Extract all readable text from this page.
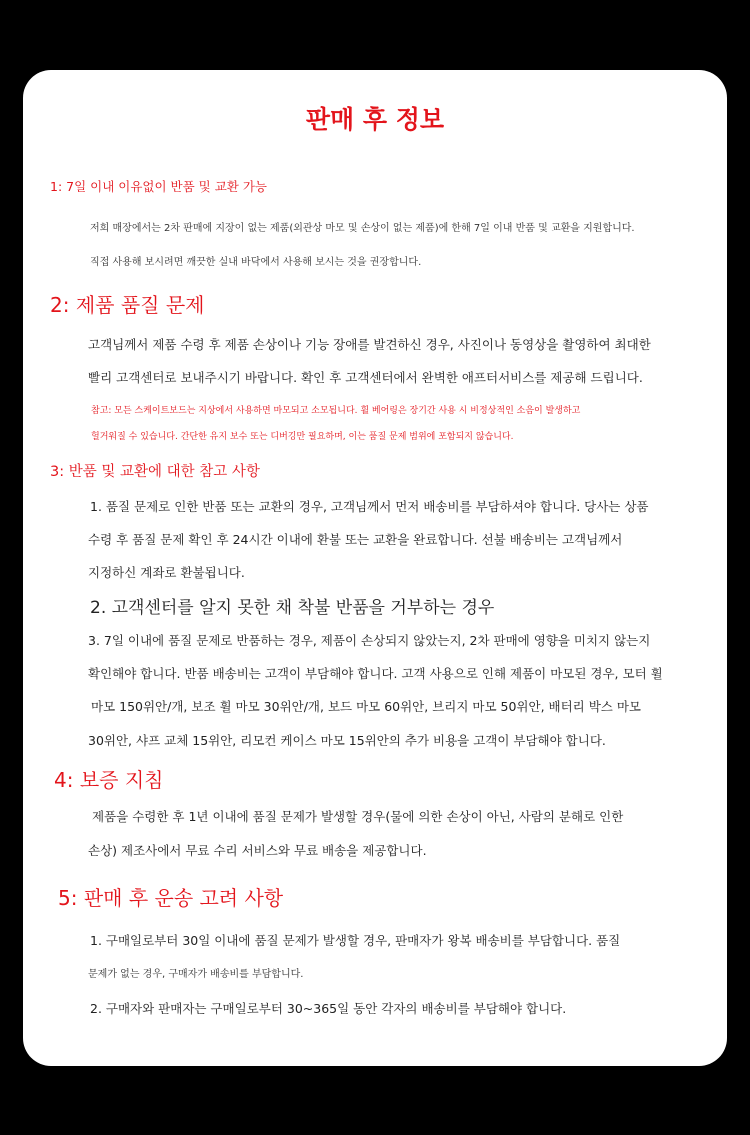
판매 후 정보
1: 7일 이내 이유없이 반품 및 교환 가능
저희 매장에서는 2차 판매에 지장이 없는 제품(외관상 마모 및 손상이 없는 제품)에 한해 7일 이내 반품 및 교환을 지원합니다.
직접 사용해 보시려면 깨끗한 실내 바닥에서 사용해 보시는 것을 권장합니다.
2: 제품 품질 문제
고객님께서 제품 수령 후 제품 손상이나 기능 장애를 발견하신 경우, 사진이나 동영상을 촬영하여 최대한
빨리 고객센터로 보내주시기 바랍니다. 확인 후 고객센터에서 완벽한 애프터서비스를 제공해 드립니다.
참고: 모든 스케이트보드는 지상에서 사용하면 마모되고 소모됩니다. 휠 베어링은 장기간 사용 시 비정상적인 소음이 발생하고
헐거워질 수 있습니다. 간단한 유지 보수 또는 디버깅만 필요하며, 이는 품질 문제 범위에 포함되지 않습니다.
3: 반품 및 교환에 대한 참고 사항
1. 품질 문제로 인한 반품 또는 교환의 경우, 고객님께서 먼저 배송비를 부담하셔야 합니다. 당사는 상품
수령 후 품질 문제 확인 후 24시간 이내에 환불 또는 교환을 완료합니다. 선불 배송비는 고객님께서
지정하신 계좌로 환불됩니다.
2. 고객센터를 알지 못한 채 착불 반품을 거부하는 경우
3. 7일 이내에 품질 문제로 반품하는 경우, 제품이 손상되지 않았는지, 2차 판매에 영향을 미치지 않는지
확인해야 합니다. 반품 배송비는 고객이 부담해야 합니다. 고객 사용으로 인해 제품이 마모된 경우, 모터 휠
마모 150위안/개, 보조 휠 마모 30위안/개, 보드 마모 60위안, 브리지 마모 50위안, 배터리 박스 마모
30위안, 샤프 교체 15위안, 리모컨 케이스 마모 15위안의 추가 비용을 고객이 부담해야 합니다.
4: 보증 지침
제품을 수령한 후 1년 이내에 품질 문제가 발생할 경우(물에 의한 손상이 아닌, 사람의 분해로 인한
손상) 제조사에서 무료 수리 서비스와 무료 배송을 제공합니다.
5: 판매 후 운송 고려 사항
1. 구매일로부터 30일 이내에 품질 문제가 발생할 경우, 판매자가 왕복 배송비를 부담합니다. 품질
문제가 없는 경우, 구매자가 배송비를 부담합니다.
2. 구매자와 판매자는 구매일로부터 30~365일 동안 각자의 배송비를 부담해야 합니다.
